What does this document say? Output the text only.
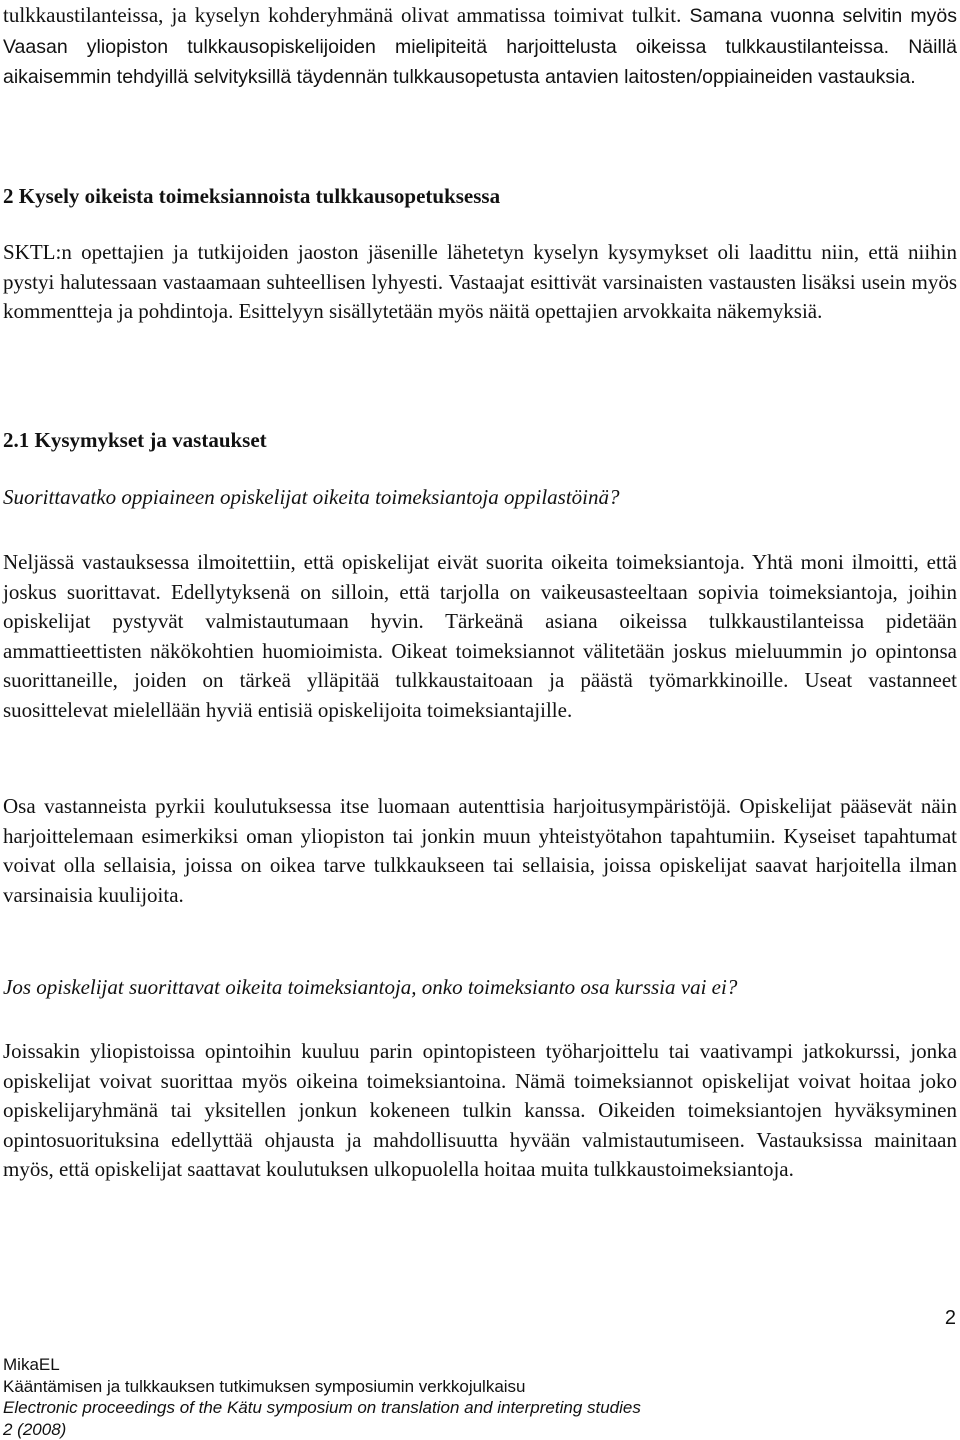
tulkkaustilanteissa, ja kyselyn kohderyhmänä olivat ammatissa toimivat tulkit. Samana vuonna selvitin myös Vaasan yliopiston tulkkausopiskelijoiden mielipiteitä harjoittelusta oikeissa tulkkaustilanteissa. Näillä aikaisemmin tehdyillä selvityksillä täydennän tulkkausopetusta antavien laitosten/oppiaineiden vastauksia.

2 Kysely oikeista toimeksiannoista tulkkausopetuksessa

SKTL:n opettajien ja tutkijoiden jaoston jäsenille lähetetyn kyselyn kysymykset oli laadittu niin, että niihin pystyi halutessaan vastaamaan suhteellisen lyhyesti. Vastaajat esittivät varsinaisten vastausten lisäksi usein myös kommentteja ja pohdintoja. Esittelyyn sisällytetään myös näitä opettajien arvokkaita näkemyksiä.

2.1 Kysymykset ja vastaukset

Suorittavatko oppiaineen opiskelijat oikeita toimeksiantoja oppilastöinä?

Neljässä vastauksessa ilmoitettiin, että opiskelijat eivät suorita oikeita toimeksiantoja. Yhtä moni ilmoitti, että joskus suorittavat. Edellytyksenä on silloin, että tarjolla on vaikeusasteeltaan sopivia toimeksiantoja, joihin opiskelijat pystyvät valmistautumaan hyvin. Tärkeänä asiana oikeissa tulkkaustilanteissa pidetään ammattieettisten näkökohtien huomioimista. Oikeat toimeksiannot välitetään joskus mieluummin jo opintonsa suorittaneille, joiden on tärkeä ylläpitää tulkkaustaitoaan ja päästä työmarkkinoille. Useat vastanneet suosittelevat mielellään hyviä entisiä opiskelijoita toimeksiantajille.

Osa vastanneista pyrkii koulutuksessa itse luomaan autenttisia harjoitusympäristöjä. Opiskelijat pääsevät näin harjoittelemaan esimerkiksi oman yliopiston tai jonkin muun yhteistyötahon tapahtumiin. Kyseiset tapahtumat voivat olla sellaisia, joissa on oikea tarve tulkkaukseen tai sellaisia, joissa opiskelijat saavat harjoitella ilman varsinaisia kuulijoita.

Jos opiskelijat suorittavat oikeita toimeksiantoja, onko toimeksianto osa kurssia vai ei?

Joissakin yliopistoissa opintoihin kuuluu parin opintopisteen työharjoittelu tai vaativampi jatkokurssi, jonka opiskelijat voivat suorittaa myös oikeina toimeksiantoina. Nämä toimeksiannot opiskelijat voivat hoitaa joko opiskelijaryhmänä tai yksitellen jonkun kokeneen tulkin kanssa. Oikeiden toimeksiantojen hyväksyminen opintosuorituksina edellyttää ohjausta ja mahdollisuutta hyvään valmistautumiseen. Vastauksissa mainitaan myös, että opiskelijat saattavat koulutuksen ulkopuolella hoitaa muita tulkkaustoimeksiantoja.

2
MikaEL
Kääntämisen ja tulkkauksen tutkimuksen symposiumin verkkojulkaisu
Electronic proceedings of the Kätu symposium on translation and interpreting studies
2 (2008)
